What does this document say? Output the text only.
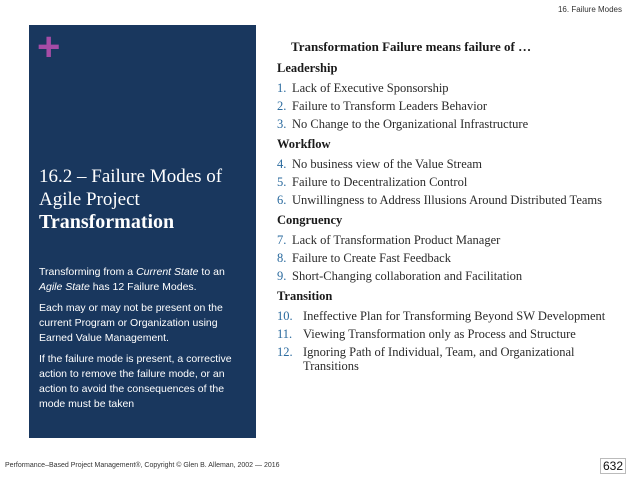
16. Failure Modes
+
16.2 – Failure Modes of Agile Project
Transformation

Transforming from a Current State to an Agile State has 12 Failure Modes.

Each may or may not be present on the current Program or Organization using Earned Value Management.

If the failure mode is present, a corrective action to remove the failure mode, or an action to avoid the consequences of the mode must be taken

Transformation Failure means failure of …
Leadership
1. Lack of Executive Sponsorship
2. Failure to Transform Leaders Behavior
3. No Change to the Organizational Infrastructure
Workflow
4. No business view of the Value Stream
5. Failure to Decentralization Control
6. Unwillingness to Address Illusions Around Distributed Teams
Congruency
7. Lack of Transformation Product Manager
8. Failure to Create Fast Feedback
9. Short-Changing collaboration and Facilitation
Transition
10. Ineffective Plan for Transforming Beyond SW Development
11. Viewing Transformation only as Process and Structure
12. Ignoring Path of Individual, Team, and Organizational Transitions
Performance–Based Project Management®, Copyright © Glen B. Alleman, 2002 — 2016	632
